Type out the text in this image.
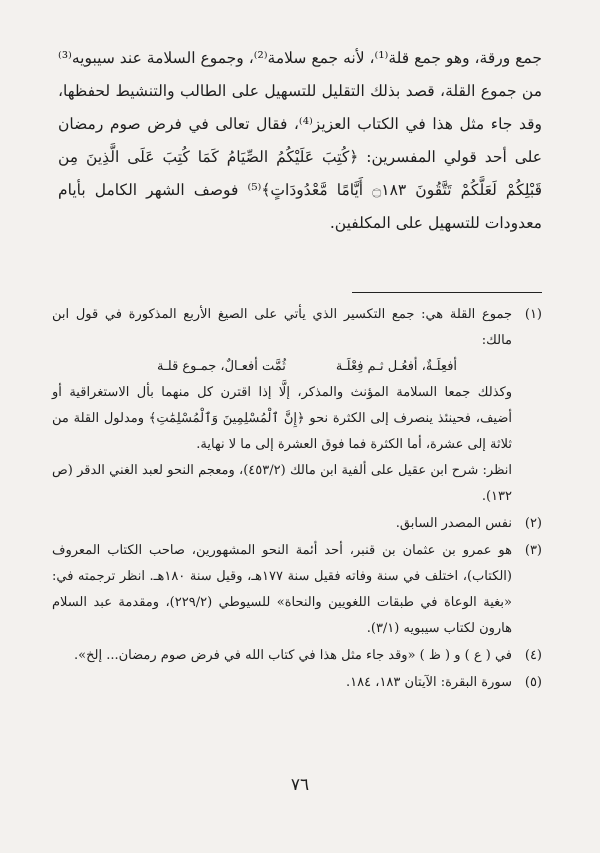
جمع ورقة، وهو جمع قلة⁽¹⁾، لأنه جمع سلامة⁽²⁾، وجموع السلامة عند سيبويه⁽³⁾ من جموع القلة، قصد بذلك التقليل للتسهيل على الطالب والتنشيط لحفظها، وقد جاء مثل هذا في الكتاب العزيز⁽⁴⁾، فقال تعالى في فرض صوم رمضان على أحد قولي المفسرين: ﴿كُتِبَ عَلَيْكُمُ الصِّيَامُ كَمَا كُتِبَ عَلَى الَّذِينَ مِن قَبْلِكُمْ لَعَلَّكُمْ تَتَّقُونَ ۝١٨٣ أَيَّامًا مَّعْدُودَاتٍ﴾⁽⁵⁾ فوصف الشهر الكامل بأيام معدودات للتسهيل على المكلفين.

(١)
جموع القلة هي: جمع التكسير الذي يأتي على الصيغ الأربع المذكورة في قول ابن مالك:
أفعِلَـةٌ، أفعُـل ثـم فِعْلَـة
ثُمَّت أفعـالٌ، جمـوع قلـة
وكذلك جمعا السلامة المؤنث والمذكر، إلَّا إذا اقترن كل منهما بأل الاستغراقية أو أضيف، فحينئذ ينصرف إلى الكثرة نحو ﴿إِنَّ ٱلْمُسْلِمِينَ وَٱلْمُسْلِمَٰتِ﴾ ومدلول القلة من ثلاثة إلى عشرة، أما الكثرة فما فوق العشرة إلى ما لا نهاية.
انظر: شرح ابن عقيل على ألفية ابن مالك (٤٥٣/٢)، ومعجم النحو لعبد الغني الدقر (ص ١٣٢).
(٢)
نفس المصدر السابق.
(٣)
هو عمرو بن عثمان بن قنبر، أحد أئمة النحو المشهورين، صاحب الكتاب المعروف (الكتاب)، اختلف في سنة وفاته فقيل سنة ١٧٧هـ، وقيل سنة ١٨٠هـ. انظر ترجمته في: «بغية الوعاة في طبقات اللغويين والنحاة» للسيوطي (٢٢٩/٢)، ومقدمة عبد السلام هارون لكتاب سيبويه (٣/١).
(٤)
في ( ع ) و ( ظ ) «وقد جاء مثل هذا في كتاب الله في فرض صوم رمضان... إلخ».
(٥)
سورة البقرة: الآيتان ١٨٣، ١٨٤.
٧٦
